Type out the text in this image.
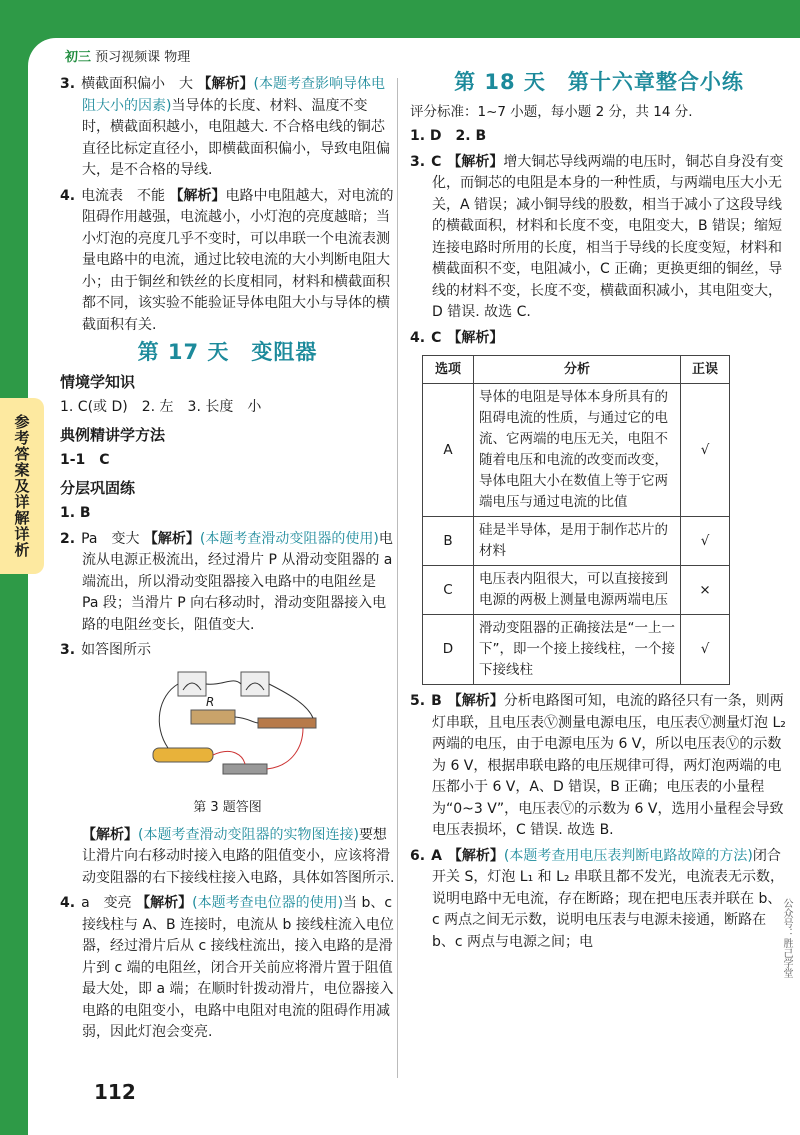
初三 预习视频课 物理
3. 横截面积偏小　大 【解析】(本题考查影响导体电阻大小的因素)当导体的长度、材料、温度不变时，横截面积越小，电阻越大. 不合格电线的铜芯直径比标定直径小，即横截面积偏小，导致电阻偏大，是不合格的导线.
4. 电流表　不能 【解析】电路中电阻越大，对电流的阻碍作用越强，电流越小，小灯泡的亮度越暗；当小灯泡的亮度几乎不变时，可以串联一个电流表测量电路中的电流，通过比较电流的大小判断电阻大小；由于铜丝和铁丝的长度相同，材料和横截面积都不同，该实验不能验证导体电阻大小与导体的横截面积有关.
第 17 天　变阻器
情境学知识
1. C(或 D)　2. 左　3. 长度　小
典例精讲学方法
1-1　C
分层巩固练
1. B
2. Pa　变大 【解析】(本题考查滑动变阻器的使用)电流从电源正极流出，经过滑片 P 从滑动变阻器的 a 端流出，所以滑动变阻器接入电路中的电阻丝是 Pa 段；当滑片 P 向右移动时，滑动变阻器接入电路的电阻丝变长，阻值变大.
3. 如答图所示
R
第 3 题答图
【解析】(本题考查滑动变阻器的实物图连接)要想让滑片向右移动时接入电路的阻值变小，应该将滑动变阻器的右下接线柱接入电路，具体如答图所示.
4. a　变亮 【解析】(本题考查电位器的使用)当 b、c 接线柱与 A、B 连接时，电流从 b 接线柱流入电位器，经过滑片后从 c 接线柱流出，接入电路的是滑片到 c 端的电阻丝，闭合开关前应将滑片置于阻值最大处，即 a 端；在顺时针拨动滑片，电位器接入电路的电阻变小，电路中电阻对电流的阻碍作用减弱，因此灯泡会变亮.
第 18 天　第十六章整合小练
评分标准：1~7 小题，每小题 2 分，共 14 分.
1. D　2. B
3. C 【解析】增大铜芯导线两端的电压时，铜芯自身没有变化，而铜芯的电阻是本身的一种性质，与两端电压大小无关，A 错误；减小铜导线的股数，相当于减小了这段导线的横截面积，材料和长度不变，电阻变大，B 错误；缩短连接电路时所用的长度，相当于导线的长度变短，材料和横截面积不变，电阻减小，C 正确；更换更细的铜丝，导线的材料不变，长度不变，横截面积减小，其电阻变大，D 错误. 故选 C.
4. C 【解析】
选项	分析	正误
A	导体的电阻是导体本身所具有的阻碍电流的性质，与通过它的电流、它两端的电压无关，电阻不随着电压和电流的改变而改变，导体电阻大小在数值上等于它两端电压与通过电流的比值	√
B	硅是半导体，是用于制作芯片的材料	√
C	电压表内阻很大，可以直接接到电源的两极上测量电源两端电压	×
D	滑动变阻器的正确接法是“一上一下”，即一个接上接线柱，一个接下接线柱	√
5. B 【解析】分析电路图可知，电流的路径只有一条，则两灯串联，且电压表Ⓥ测量电源电压，电压表Ⓥ测量灯泡 L₂ 两端的电压，由于电源电压为 6 V，所以电压表Ⓥ的示数为 6 V，根据串联电路的电压规律可得，两灯泡两端的电压都小于 6 V，A、D 错误，B 正确；电压表的小量程为“0~3 V”，电压表Ⓥ的示数为 6 V，选用小量程会导致电压表损坏，C 错误. 故选 B.
6. A 【解析】(本题考查用电压表判断电路故障的方法)闭合开关 S，灯泡 L₁ 和 L₂ 串联且都不发光，电流表无示数，说明电路中无电流，存在断路；现在把电压表并联在 b、c 两点之间无示数，说明电压表与电源未接通，断路在 b、c 两点与电源之间；电
112
公众号：胜己学堂
参考答案及详解详析
